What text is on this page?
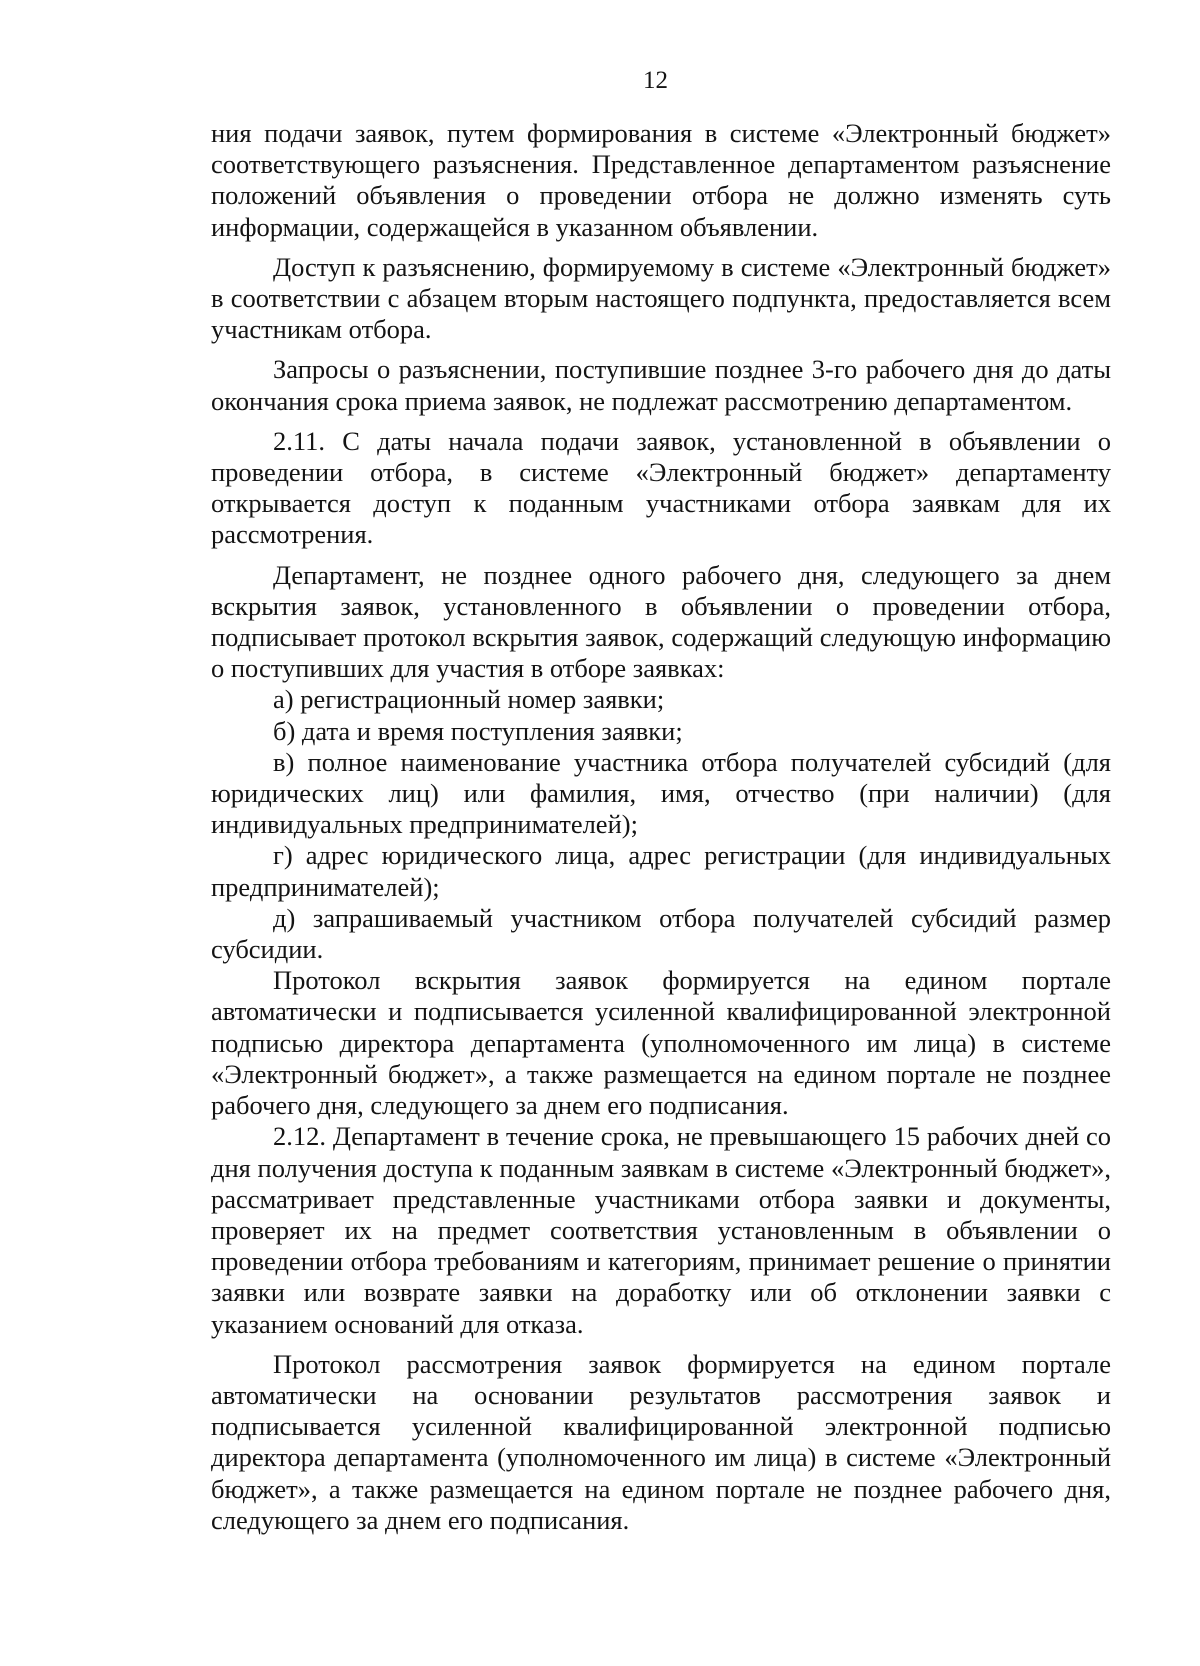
12

ния подачи заявок, путем формирования в системе «Электронный бюджет» соответствующего разъяснения. Представленное департаментом разъяснение положений объявления о проведении отбора не должно изменять суть информации, содержащейся в указанном объявлении.

Доступ к разъяснению, формируемому в системе «Электронный бюджет» в соответствии с абзацем вторым настоящего подпункта, предоставляется всем участникам отбора.

Запросы о разъяснении, поступившие позднее 3-го рабочего дня до даты окончания срока приема заявок, не подлежат рассмотрению департаментом.

2.11. С даты начала подачи заявок, установленной в объявлении о проведении отбора, в системе «Электронный бюджет» департаменту открывается доступ к поданным участниками отбора заявкам для их рассмотрения.

Департамент, не позднее одного рабочего дня, следующего за днем вскрытия заявок, установленного в объявлении о проведении отбора, подписывает протокол вскрытия заявок, содержащий следующую информацию о поступивших для участия в отборе заявках:

а) регистрационный номер заявки;

б) дата и время поступления заявки;

в) полное наименование участника отбора получателей субсидий (для юридических лиц) или фамилия, имя, отчество (при наличии) (для индивидуальных предпринимателей);

г) адрес юридического лица, адрес регистрации (для индивидуальных предпринимателей);

д) запрашиваемый участником отбора получателей субсидий размер субсидии.

Протокол вскрытия заявок формируется на едином портале автоматически и подписывается усиленной квалифицированной электронной подписью директора департамента (уполномоченного им лица) в системе «Электронный бюджет», а также размещается на едином портале не позднее рабочего дня, следующего за днем его подписания.

2.12. Департамент в течение срока, не превышающего 15 рабочих дней со дня получения доступа к поданным заявкам в системе «Электронный бюджет», рассматривает представленные участниками отбора заявки и документы, проверяет их на предмет соответствия установленным в объявлении о проведении отбора требованиям и категориям, принимает решение о принятии заявки или возврате заявки на доработку или об отклонении заявки с указанием оснований для отказа.

Протокол рассмотрения заявок формируется на едином портале автоматически на основании результатов рассмотрения заявок и подписывается усиленной квалифицированной электронной подписью директора департамента (уполномоченного им лица) в системе «Электронный бюджет», а также размещается на едином портале не позднее рабочего дня, следующего за днем его подписания.
